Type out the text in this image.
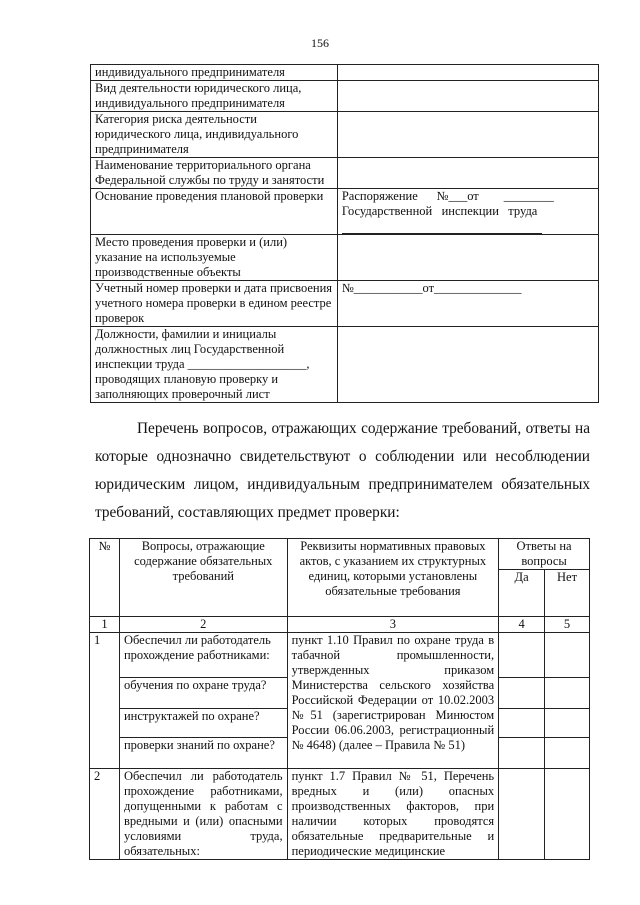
156
индивидуального предпринимателя	
Вид деятельности юридического лица, индивидуального предпринимателя	
Категория риска деятельности юридического лица, индивидуального предпринимателя	
Наименование территориального органа Федеральной службы по труду и занятости	
Основание проведения плановой проверки	Распоряжение      №___от        ________
Государственной   инспекции   труда

Место проведения проверки и (или) указание на используемые производственные объекты	
Учетный номер проверки и дата присвоения учетного номера проверки в едином реестре проверок	№___________от______________
Должности, фамилии и инициалы должностных лиц Государственной инспекции труда ___________________, проводящих плановую проверку и заполняющих проверочный лист	
Перечень вопросов, отражающих содержание требований, ответы на которые однозначно свидетельствуют о соблюдении или несоблюдении юридическим лицом, индивидуальным предпринимателем обязательных требований, составляющих предмет проверки:
№	Вопросы, отражающие содержание обязательных требований	Реквизиты нормативных правовых актов, с указанием их структурных единиц, которыми установлены обязательные требования	Ответы на вопросы	
			Да	Нет
1	2	3	4	5
1	Обеспечил ли работодатель прохождение работниками:	пункт 1.10 Правил по охране труда в табачной промышленности, утвержденных приказом Министерства сельского хозяйства Российской Федерации от 10.02.2003 №51 (зарегистрирован Минюстом России 06.06.2003, регистрационный № 4648) (далее – Правила № 51)		
	обучения по охране труда?			
	инструктажей по охране?			
	проверки знаний по охране?			
2	Обеспечил ли работодатель прохождение работниками, допущенными к работам с вредными и (или) опасными условиями труда, обязательных:	пункт 1.7 Правил № 51, Перечень вредных и (или) опасных производственных факторов, при наличии которых проводятся обязательные предварительные и периодические медицинские		
